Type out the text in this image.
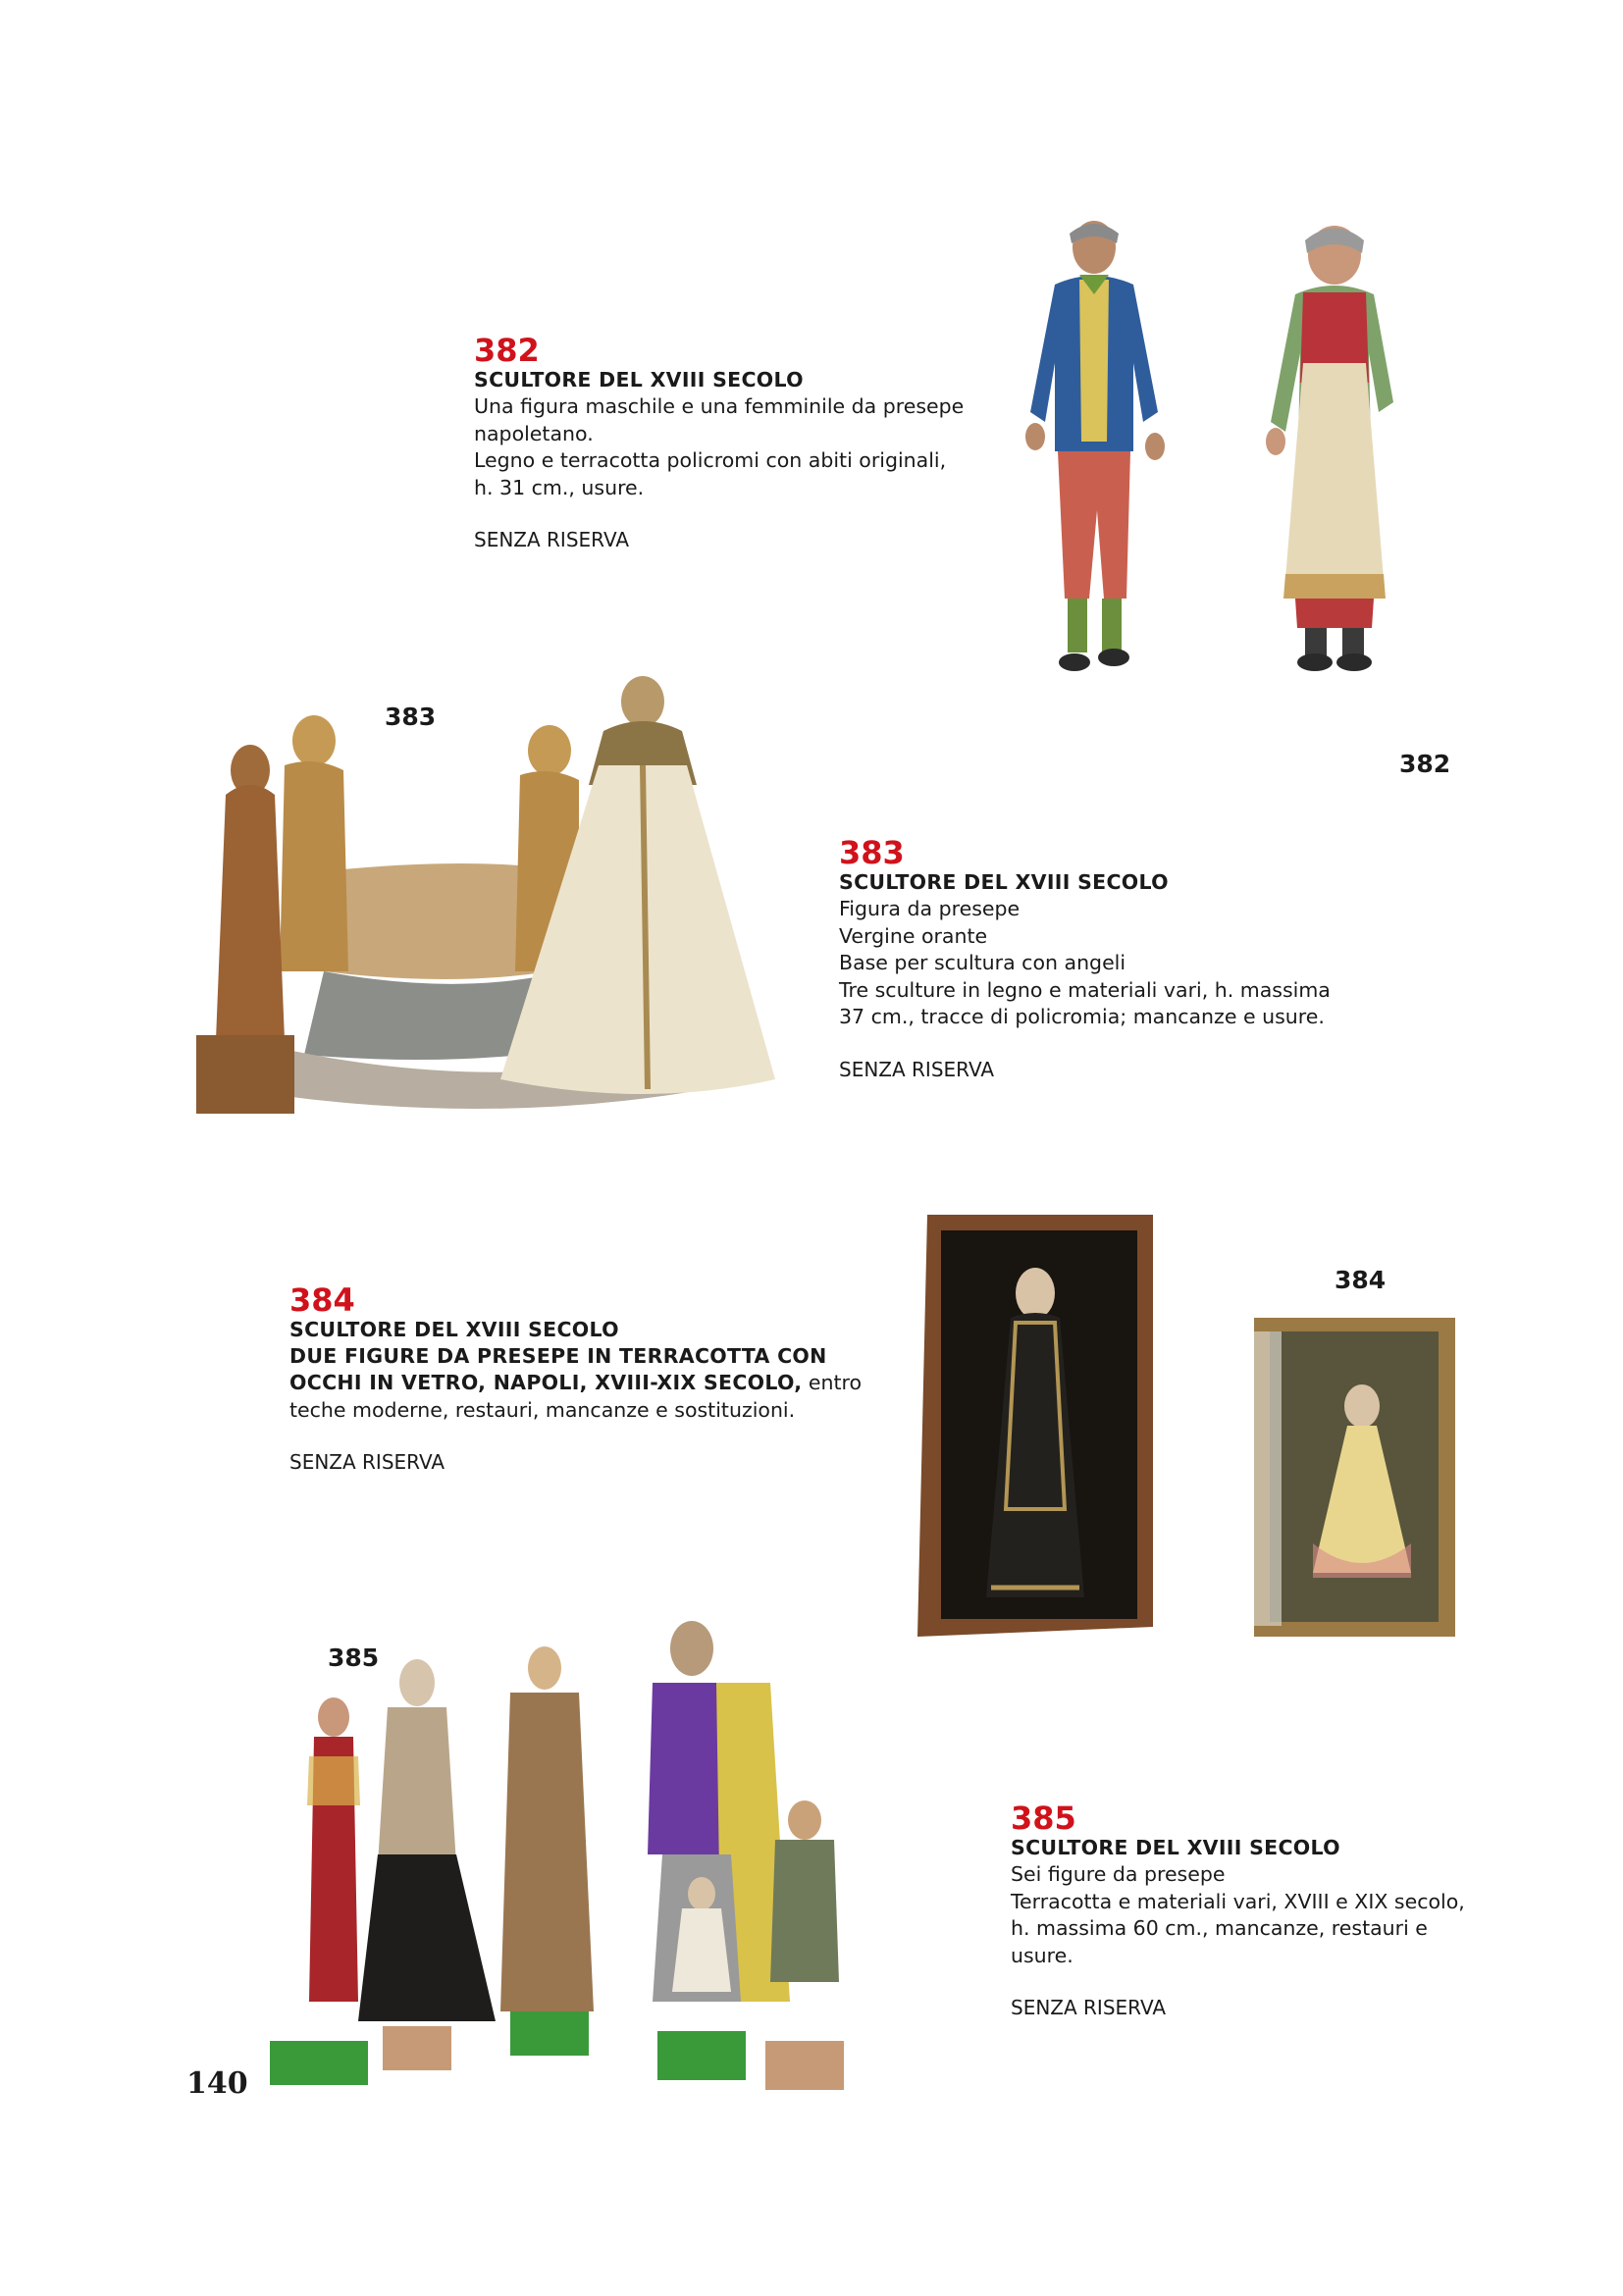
382
SCULTORE DEL XVIII SECOLO
Una figura maschile e una femminile da presepe
napoletano.
Legno e terracotta policromi con abiti originali,
h. 31 cm., usure.
SENZA RISERVA
382
383
383
SCULTORE DEL XVIII SECOLO
Figura da presepe
Vergine orante
Base per scultura con angeli
Tre sculture in legno e materiali vari, h. massima
37 cm., tracce di policromia; mancanze e usure.
SENZA RISERVA
384
SCULTORE DEL XVIII SECOLO
DUE FIGURE DA PRESEPE IN TERRACOTTA CON
OCCHI IN VETRO, NAPOLI, XVIII-XIX SECOLO, entro
teche moderne, restauri, mancanze e sostituzioni.
SENZA RISERVA
384
385
385
SCULTORE DEL XVIII SECOLO
Sei figure da presepe
Terracotta e materiali vari, XVIII e XIX secolo,
h. massima 60 cm., mancanze, restauri e
usure.
SENZA RISERVA
140
